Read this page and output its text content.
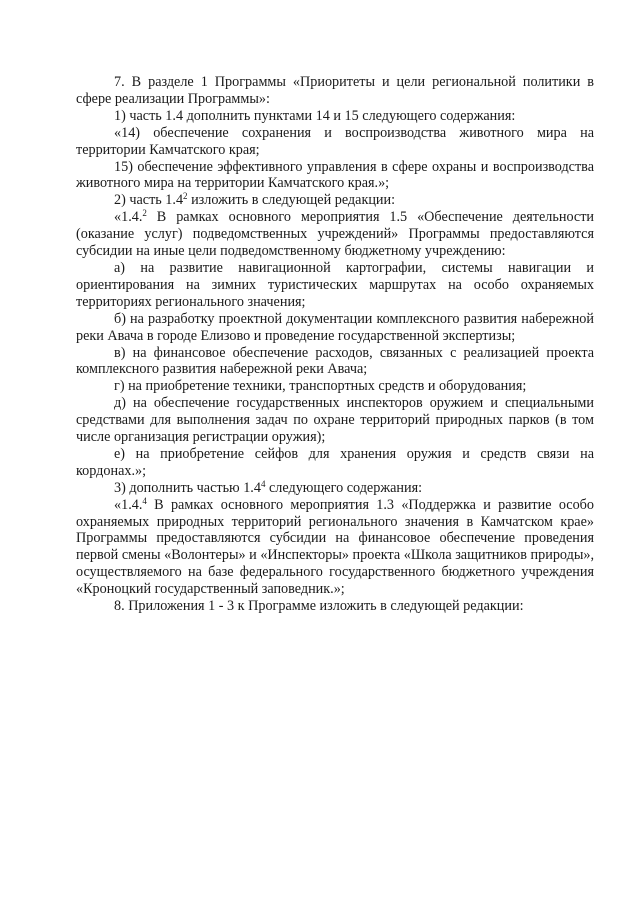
7. В разделе 1 Программы «Приоритеты и цели региональной политики в сфере реализации Программы»:

1) часть 1.4 дополнить пунктами 14 и 15 следующего содержания:

«14) обеспечение сохранения и воспроизводства животного мира на территории Камчатского края;

15) обеспечение эффективного управления в сфере охраны и воспроизводства животного мира на территории Камчатского края.»;

2) часть $1.4^2$ изложить в следующей редакции:

«1.4.$^2$ В рамках основного мероприятия 1.5 «Обеспечение деятельности (оказание услуг) подведомственных учреждений» Программы предоставляются субсидии на иные цели подведомственному бюджетному учреждению:

а) на развитие навигационной картографии, системы навигации и ориентирования на зимних туристических маршрутах на особо охраняемых территориях регионального значения;

б) на разработку проектной документации комплексного развития набережной реки Авача в городе Елизово и проведение государственной экспертизы;

в) на финансовое обеспечение расходов, связанных с реализацией проекта комплексного развития набережной реки Авача;

г) на приобретение техники, транспортных средств и оборудования;

д) на обеспечение государственных инспекторов оружием и специальными средствами для выполнения задач по охране территорий природных парков (в том числе организация регистрации оружия);

е) на приобретение сейфов для хранения оружия и средств связи на кордонах.»;

3) дополнить частью $1.4^4$ следующего содержания:

«1.4.$^4$ В рамках основного мероприятия 1.3 «Поддержка и развитие особо охраняемых природных территорий регионального значения в Камчатском крае» Программы предоставляются субсидии на финансовое обеспечение проведения первой смены «Волонтеры» и «Инспекторы» проекта «Школа защитников природы», осуществляемого на базе федерального государственного бюджетного учреждения «Кроноцкий государственный заповедник.»;

8. Приложения 1 - 3 к Программе изложить в следующей редакции:
